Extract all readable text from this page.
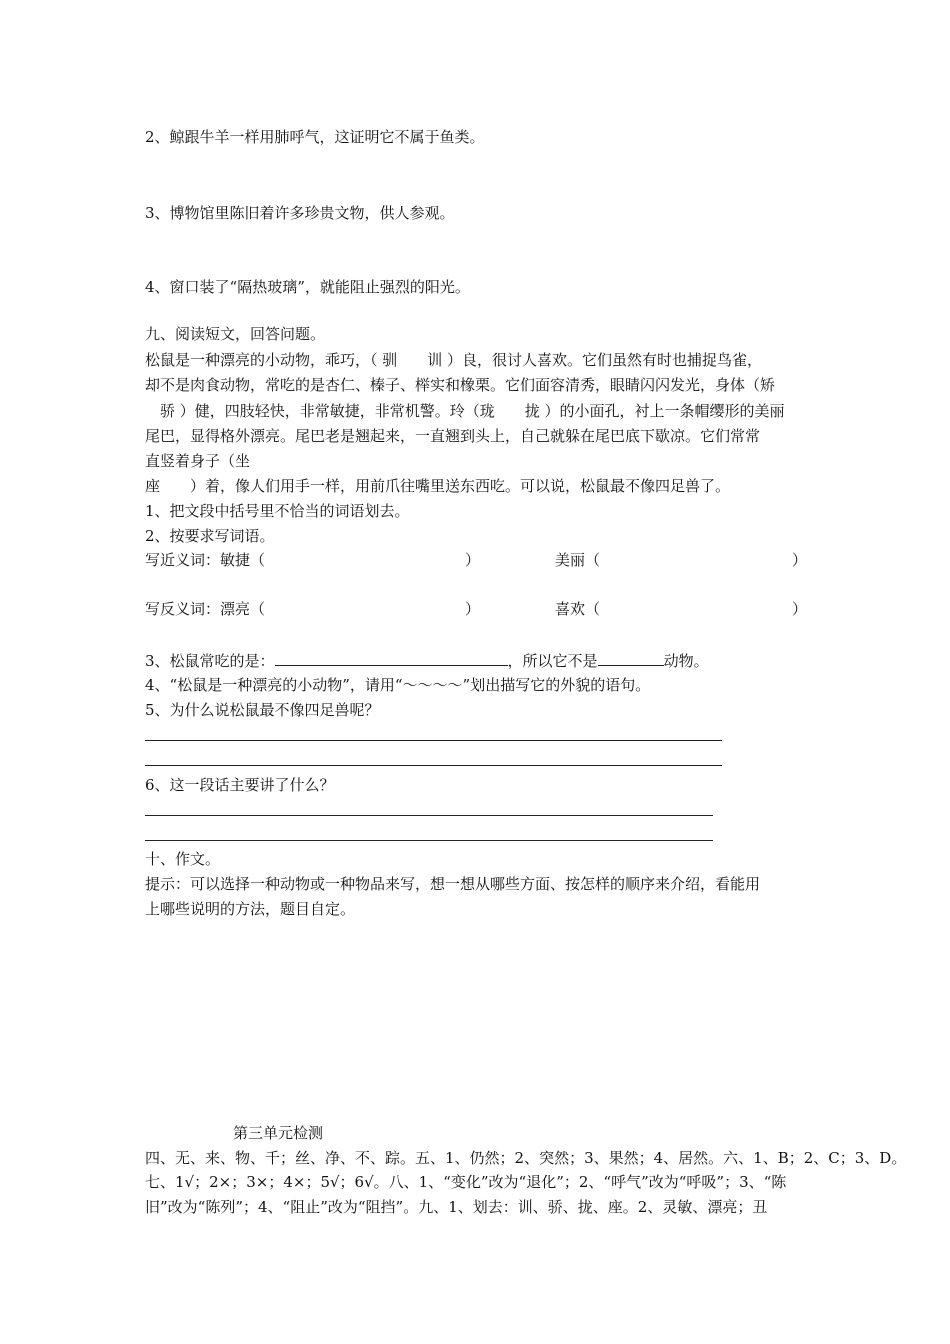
2、鲸跟牛羊一样用肺呼气，这证明它不属于鱼类。
3、博物馆里陈旧着许多珍贵文物，供人参观。
4、窗口装了“隔热玻璃”，就能阻止强烈的阳光。
九、阅读短文，回答问题。
松鼠是一种漂亮的小动物，乖巧，（ 驯　　训 ）良，很讨人喜欢。它们虽然有时也捕捉鸟雀，
却不是肉食动物，常吃的是杏仁、榛子、榉实和橡栗。它们面容清秀，眼睛闪闪发光，身体（矫
　骄 ）健，四肢轻快，非常敏捷，非常机警。玲（珑　　拢 ）的小面孔，衬上一条帽缨形的美丽
尾巴，显得格外漂亮。尾巴老是翘起来，一直翘到头上，自己就躲在尾巴底下歇凉。它们常常
直竖着身子（坐
座　　）着，像人们用手一样，用前爪往嘴里送东西吃。可以说，松鼠最不像四足兽了。
1、把文段中括号里不恰当的词语划去。
2、按要求写词语。
写近义词：敏捷（	）	美丽（	）
写反义词：漂亮（	）	喜欢（	）
3、松鼠常吃的是：	，所以它不是	动物。
4、“松鼠是一种漂亮的小动物”，请用“～～～～”划出描写它的外貌的语句。
5、为什么说松鼠最不像四足兽呢？
6、这一段话主要讲了什么？
十、作文。
提示：可以选择一种动物或一种物品来写，想一想从哪些方面、按怎样的顺序来介绍，看能用
上哪些说明的方法，题目自定。
第三单元检测
四、无、来、物、千；丝、净、不、踪。五、1、仍然；2、突然；3、果然；4、居然。六、1、B；2、C；3、D。
七、1√；2×；3×；4×；5√；6√。八、1、“变化”改为“退化”；2、“呼气”改为“呼吸”；3、“陈
旧”改为“陈列”；4、“阻止”改为“阻挡”。九、1、划去：训、骄、拢、座。2、灵敏、漂亮；丑
